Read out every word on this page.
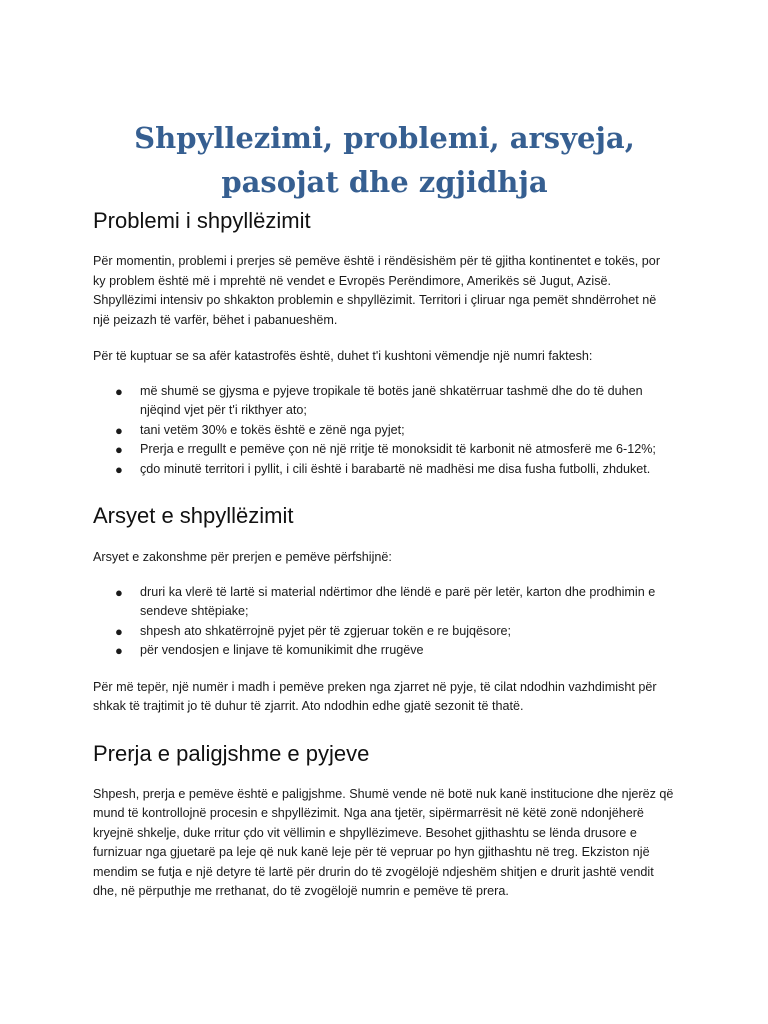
Shpyllezimi, problemi, arsyeja,
pasojat dhe zgjidhja
Problemi i shpyllëzimit

Për momentin, problemi i prerjes së pemëve është i rëndësishëm për të gjitha kontinentet e tokës, por ky problem është më i mprehtë në vendet e Evropës Perëndimore, Amerikës së Jugut, Azisë. Shpyllëzimi intensiv po shkakton problemin e shpyllëzimit. Territori i çliruar nga pemët shndërrohet në një peizazh të varfër, bëhet i pabanueshëm.

Për të kuptuar se sa afër katastrofës është, duhet t'i kushtoni vëmendje një numri faktesh:

● më shumë se gjysma e pyjeve tropikale të botës janë shkatërruar tashmë dhe do të duhen njëqind vjet për t'i rikthyer ato;
● tani vetëm 30% e tokës është e zënë nga pyjet;
● Prerja e rregullt e pemëve çon në një rritje të monoksidit të karbonit në atmosferë me 6-12%;
● çdo minutë territori i pyllit, i cili është i barabartë në madhësi me disa fusha futbolli, zhduket.
Arsyet e shpyllëzimit

Arsyet e zakonshme për prerjen e pemëve përfshijnë:

● druri ka vlerë të lartë si material ndërtimor dhe lëndë e parë për letër, karton dhe prodhimin e sendeve shtëpiake;
● shpesh ato shkatërrojnë pyjet për të zgjeruar tokën e re bujqësore;
● për vendosjen e linjave të komunikimit dhe rrugëve

Për më tepër, një numër i madh i pemëve preken nga zjarret në pyje, të cilat ndodhin vazhdimisht për shkak të trajtimit jo të duhur të zjarrit. Ato ndodhin edhe gjatë sezonit të thatë.

Prerja e paligjshme e pyjeve

Shpesh, prerja e pemëve është e paligjshme. Shumë vende në botë nuk kanë institucione dhe njerëz që mund të kontrollojnë procesin e shpyllëzimit. Nga ana tjetër, sipërmarrësit në këtë zonë ndonjëherë kryejnë shkelje, duke rritur çdo vit vëllimin e shpyllëzimeve. Besohet gjithashtu se lënda drusore e furnizuar nga gjuetarë pa leje që nuk kanë leje për të vepruar po hyn gjithashtu në treg. Ekziston një mendim se futja e një detyre të lartë për drurin do të zvogëlojë ndjeshëm shitjen e drurit jashtë vendit dhe, në përputhje me rrethanat, do të zvogëlojë numrin e pemëve të prera.
